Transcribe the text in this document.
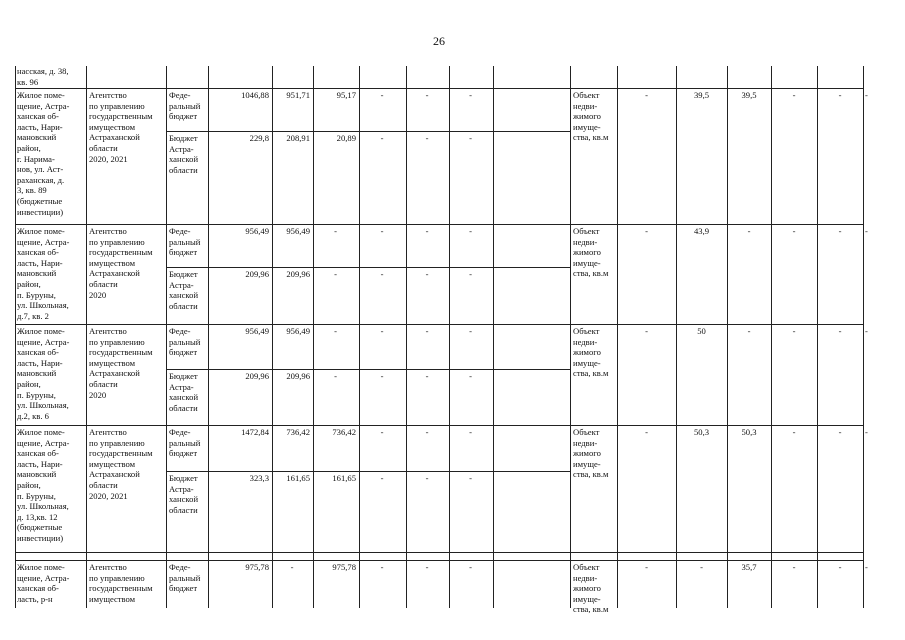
26
насская, д. 38,
кв. 96
Жилое поме-
щение, Астра-
ханская об-
ласть, Нари-
мановский
район,
г. Нарима-
нов, ул. Аст-
раханская, д.
3, кв. 89
(бюджетные
инвестиции)
Агентство
по управлению
государственным
имуществом
Астраханской
области
2020, 2021
Феде-
ральный
бюджет
1046,88	951,71	95,17	-	-	-
Бюджет
Астра-
ханской
области
229,8	208,91	20,89	-	-	-
Объект недви-
жимого имуще-
ства, кв.м
-	39,5	39,5	-	-	-
Жилое поме-
щение, Астра-
ханская об-
ласть, Нари-
мановский
район,
п. Буруны,
ул. Школьная,
д.7, кв. 2
Агентство
по управлению
государственным
имуществом
Астраханской
области
2020
Феде-
ральный
бюджет
956,49	956,49	-	-	-	-
Бюджет
Астра-
ханской
области
209,96	209,96	-	-	-	-
Объект недви-
жимого имуще-
ства, кв.м
-	43,9	-	-	-	-
Жилое поме-
щение, Астра-
ханская об-
ласть, Нари-
мановский
район,
п. Буруны,
ул. Школьная,
д.2, кв. 6
Агентство
по управлению
государственным
имуществом
Астраханской
области
2020
Феде-
ральный
бюджет
956,49	956,49	-	-	-	-
Бюджет
Астра-
ханской
области
209,96	209,96	-	-	-	-
Объект недви-
жимого имуще-
ства, кв.м
-	50	-	-	-	-
Жилое поме-
щение, Астра-
ханская об-
ласть, Нари-
мановский
район,
п. Буруны,
ул. Школьная,
д. 13,кв. 12
(бюджетные
инвестиции)
Агентство
по управлению
государственным
имуществом
Астраханской
области
2020, 2021
Феде-
ральный
бюджет
1472,84	736,42	736,42	-	-	-
Бюджет
Астра-
ханской
области
323,3	161,65	161,65	-	-	-
Объект недви-
жимого имуще-
ства, кв.м
-	50,3	50,3	-	-	-
Жилое поме-
щение, Астра-
ханская об-
ласть, р-н
Агентство
по управлению
государственным
имуществом
Феде-
ральный
бюджет
975,78	-	975,78	-	-	-	Объект недви-
жимого имуще-
ства, кв.м
-	-	35,7	-	-	-
